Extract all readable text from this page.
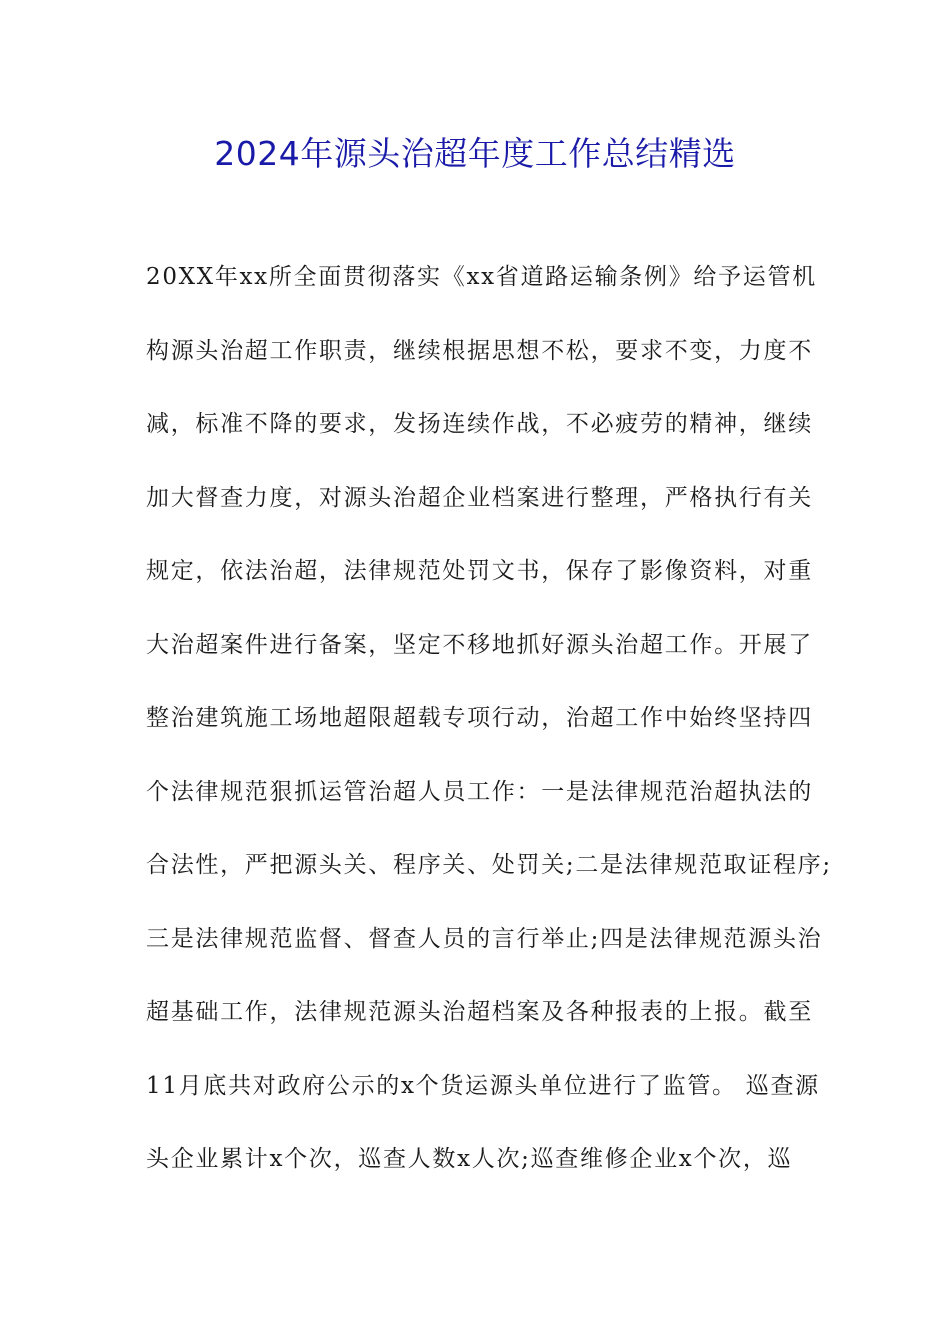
2024年源头治超年度工作总结精选
20XX年xx所全面贯彻落实《xx省道路运输条例》给予运管机
构源头治超工作职责，继续根据思想不松，要求不变，力度不
减，标准不降的要求，发扬连续作战，不必疲劳的精神，继续
加大督查力度，对源头治超企业档案进行整理，严格执行有关
规定，依法治超，法律规范处罚文书，保存了影像资料，对重
大治超案件进行备案，坚定不移地抓好源头治超工作。开展了
整治建筑施工场地超限超载专项行动，治超工作中始终坚持四
个法律规范狠抓运管治超人员工作：一是法律规范治超执法的
合法性，严把源头关、程序关、处罚关;二是法律规范取证程序;
三是法律规范监督、督查人员的言行举止;四是法律规范源头治
超基础工作，法律规范源头治超档案及各种报表的上报。截至
11月底共对政府公示的x个货运源头单位进行了监管。 巡查源
头企业累计x个次，巡查人数x人次;巡查维修企业x个次，巡
